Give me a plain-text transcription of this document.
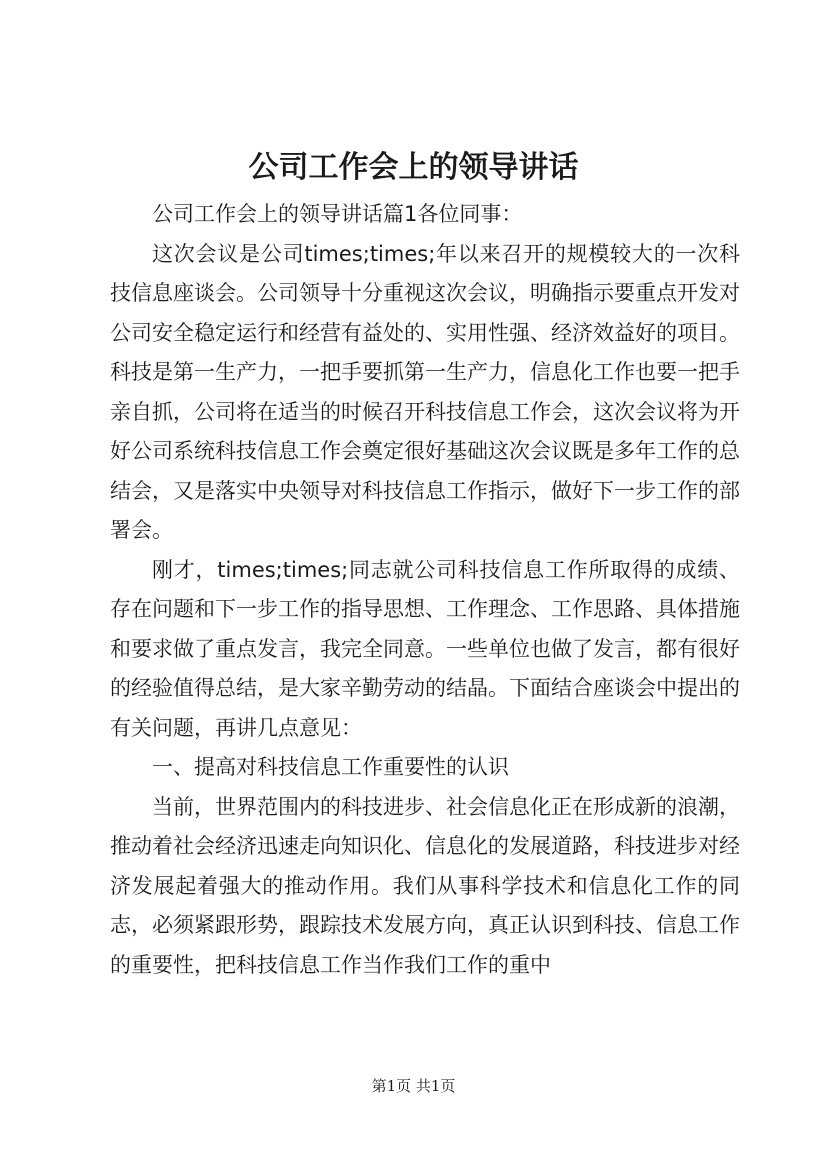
公司工作会上的领导讲话

公司工作会上的领导讲话篇1各位同事：

这次会议是公司times;times;年以来召开的规模较大的一次科技信息座谈会。公司领导十分重视这次会议，明确指示要重点开发对公司安全稳定运行和经营有益处的、实用性强、经济效益好的项目。科技是第一生产力，一把手要抓第一生产力，信息化工作也要一把手亲自抓，公司将在适当的时候召开科技信息工作会，这次会议将为开好公司系统科技信息工作会奠定很好基础这次会议既是多年工作的总结会，又是落实中央领导对科技信息工作指示，做好下一步工作的部署会。

刚才，times;times;同志就公司科技信息工作所取得的成绩、存在问题和下一步工作的指导思想、工作理念、工作思路、具体措施和要求做了重点发言，我完全同意。一些单位也做了发言，都有很好的经验值得总结，是大家辛勤劳动的结晶。下面结合座谈会中提出的有关问题，再讲几点意见：

一、提高对科技信息工作重要性的认识

当前，世界范围内的科技进步、社会信息化正在形成新的浪潮，推动着社会经济迅速走向知识化、信息化的发展道路，科技进步对经济发展起着强大的推动作用。我们从事科学技术和信息化工作的同志，必须紧跟形势，跟踪技术发展方向，真正认识到科技、信息工作的重要性，把科技信息工作当作我们工作的重中

第1页 共1页
